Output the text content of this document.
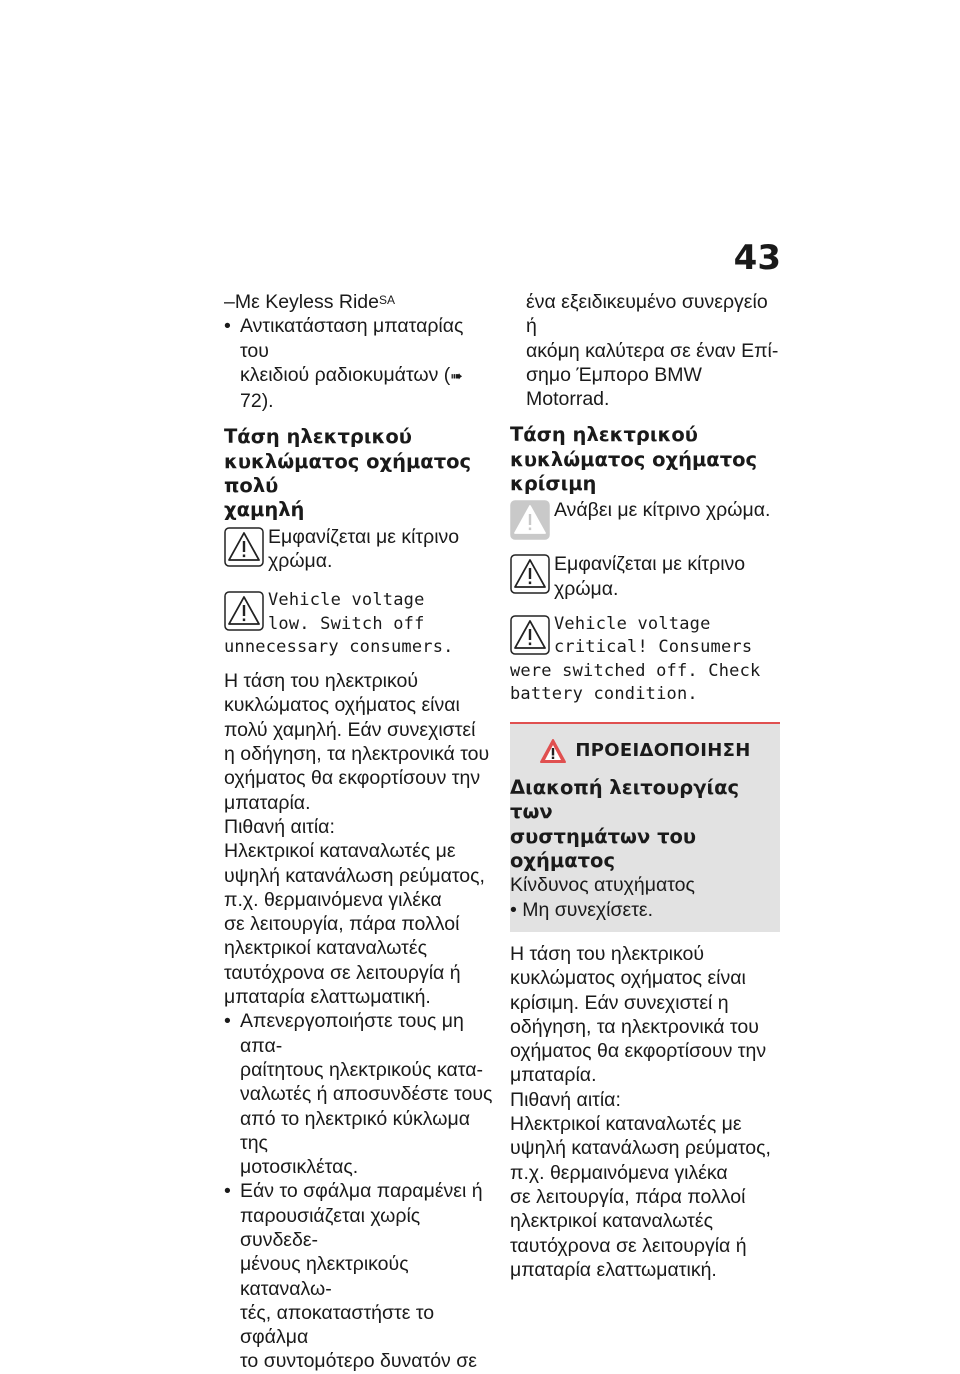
43

–Με Keyless Ride$^{SA}$

• Αντικατάσταση μπαταρίας του

κλειδιού ραδιοκυμάτων (➠ 72).

Τάση ηλεκτρικού

κυκλώματος οχήματος πολύ

χαμηλή

Εμφανίζεται με κίτρινο

χρώμα.

Vehicle voltage

low. Switch off

unnecessary consumers.

Η τάση του ηλεκτρικού

κυκλώματος οχήματος είναι

πολύ χαμηλή. Εάν συνεχιστεί

η οδήγηση, τα ηλεκτρονικά του

οχήματος θα εκφορτίσουν την

μπαταρία.

Πιθανή αιτία:

Ηλεκτρικοί καταναλωτές με

υψηλή κατανάλωση ρεύματος,

π.χ. θερμαινόμενα γιλέκα

σε λειτουργία, πάρα πολλοί

ηλεκτρικοί καταναλωτές

ταυτόχρονα σε λειτουργία ή

μπαταρία ελαττωματική.

• Απενεργοποιήστε τους μη απα-

ραίτητους ηλεκτρικούς κατα-

ναλωτές ή αποσυνδέστε τους

από το ηλεκτρικό κύκλωμα της

μοτοσικλέτας.

• Εάν το σφάλμα παραμένει ή

παρουσιάζεται χωρίς συνδεδε-

μένους ηλεκτρικούς καταναλω-

τές, αποκαταστήστε το σφάλμα

το συντομότερο δυνατόν σε

ένα εξειδικευμένο συνεργείο ή

ακόμη καλύτερα σε έναν Επί-

σημο Έμπορο BMW Motorrad.

Τάση ηλεκτρικού

κυκλώματος οχήματος

κρίσιμη

Ανάβει με κίτρινο χρώμα.

Εμφανίζεται με κίτρινο

χρώμα.

Vehicle voltage

critical! Consumers

were switched off. Check

battery condition.

ΠΡΟΕΙΔΟΠΟΙΗΣΗ

Διακοπή λειτουργίας των

συστημάτων του οχήματος

Κίνδυνος ατυχήματος

• Μη συνεχίσετε.

Η τάση του ηλεκτρικού

κυκλώματος οχήματος είναι

κρίσιμη. Εάν συνεχιστεί η

οδήγηση, τα ηλεκτρονικά του

οχήματος θα εκφορτίσουν την

μπαταρία.

Πιθανή αιτία:

Ηλεκτρικοί καταναλωτές με

υψηλή κατανάλωση ρεύματος,

π.χ. θερμαινόμενα γιλέκα

σε λειτουργία, πάρα πολλοί

ηλεκτρικοί καταναλωτές

ταυτόχρονα σε λειτουργία ή

μπαταρία ελαττωματική.
